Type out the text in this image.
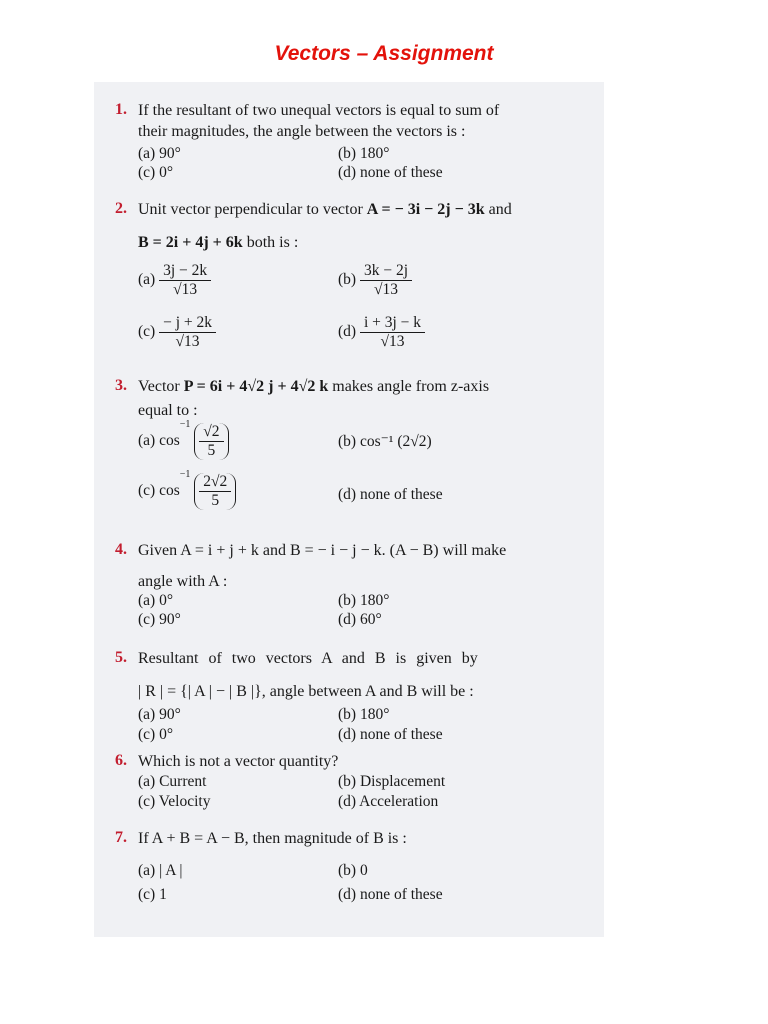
Vectors – Assignment
1. If the resultant of two unequal vectors is equal to sum of
their magnitudes, the angle between the vectors is :
(a) 90°	(b) 180°
(c) 0°	(d) none of these
2. Unit vector perpendicular to vector A = − 3i − 2j − 3k and
B = 2i + 4j + 6k both is :
$(a) \frac{3j - 2k}{√13}$	$(b) \frac{3k - 2j}{√13}$
$(c) \frac{- j + 2k}{√13}$	$(d) \frac{i + 3j - k}{√13}$
3. Vector P = 6i + 4√2 j + 4√2 k makes angle from z-axis
equal to :
(a) $\cos^{-1} \frac{√2}{5}$	(b) cos⁻¹ (2√2)
(c) $\cos^{-1} \frac{2√2}{5}$	(d) none of these
4. Given A = i + j + k and B = − i − j − k. (A − B) will make
angle with A :
(a) 0°	(b) 180°
(c) 90°	(d) 60°
5. Resultant of two vectors A and B is given by
| R | = {| A | − | B |}, angle between A and B will be :
(a) 90°	(b) 180°
(c) 0°	(d) none of these
6. Which is not a vector quantity?
(a) Current	(b) Displacement
(c) Velocity	(d) Acceleration
7. If A + B = A − B, then magnitude of B is :
(a) | A |	(b) 0
(c) 1	(d) none of these
